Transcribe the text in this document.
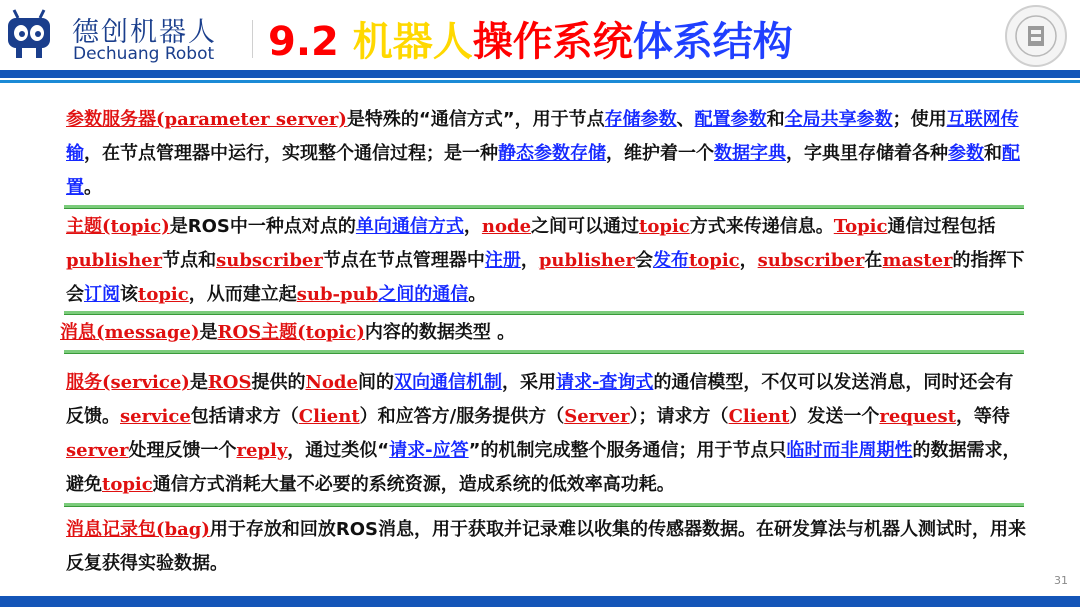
德创机器人
Dechuang Robot 9.2 机器人操作系统体系结构
参数服务器(parameter server)是特殊的“通信方式”，用于节点存储参数、配置参数和全局共享参数；使用互联网传输，在节点管理器中运行，实现整个通信过程；是一种静态参数存储，维护着一个数据字典，字典里存储着各种参数和配置。
主题(topic)是ROS中一种点对点的单向通信方式，node之间可以通过topic方式来传递信息。Topic通信过程包括publisher节点和subscriber节点在节点管理器中注册，publisher会发布topic，subscriber在master的指挥下会订阅该topic，从而建立起sub-pub之间的通信。
消息(message)是ROS主题(topic)内容的数据类型 。
服务(service)是ROS提供的Node间的双向通信机制，采用请求-查询式的通信模型，不仅可以发送消息，同时还会有反馈。service包括请求方（Client）和应答方/服务提供方（Server）；请求方（Client）发送一个request，等待server处理反馈一个reply，通过类似“请求-应答”的机制完成整个服务通信；用于节点只临时而非周期性的数据需求，避免topic通信方式消耗大量不必要的系统资源，造成系统的低效率高功耗。
消息记录包(bag)用于存放和回放ROS消息，用于获取并记录难以收集的传感器数据。在研发算法与机器人测试时，用来反复获得实验数据。
31
